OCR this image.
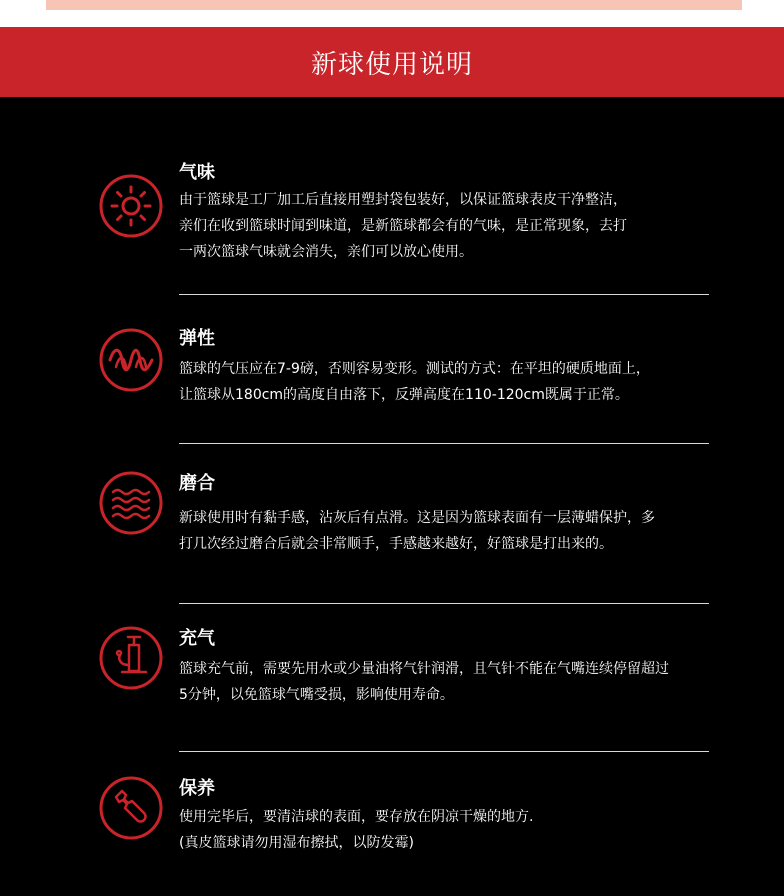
新球使用说明
气味
由于篮球是工厂加工后直接用塑封袋包装好，以保证篮球表皮干净整洁，
亲们在收到篮球时闻到味道，是新篮球都会有的气味，是正常现象，去打
一两次篮球气味就会消失，亲们可以放心使用。
弹性
篮球的气压应在7-9磅，否则容易变形。测试的方式：在平坦的硬质地面上，
让篮球从180cm的高度自由落下，反弹高度在110-120cm既属于正常。
磨合
新球使用时有黏手感，沾灰后有点滑。这是因为篮球表面有一层薄蜡保护，多
打几次经过磨合后就会非常顺手，手感越来越好，好篮球是打出来的。
充气
篮球充气前，需要先用水或少量油将气针润滑，且气针不能在气嘴连续停留超过
5分钟，以免篮球气嘴受损，影响使用寿命。
保养
使用完毕后，要清洁球的表面，要存放在阴凉干燥的地方.
(真皮篮球请勿用湿布擦拭，以防发霉)
